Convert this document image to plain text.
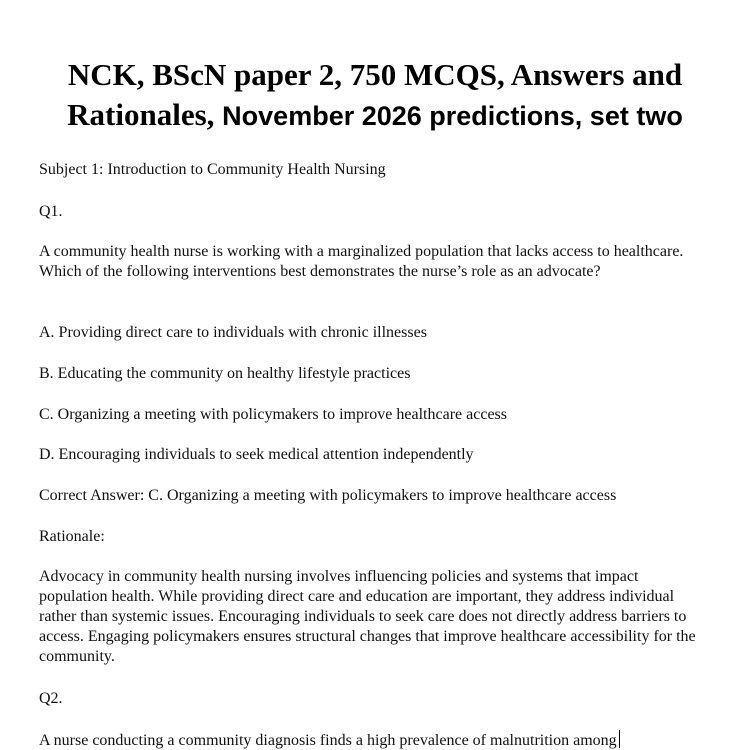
NCK, BScN paper 2, 750 MCQS, Answers and
Rationales, November 2026 predictions, set two

Subject 1: Introduction to Community Health Nursing

Q1.

A community health nurse is working with a marginalized population that lacks access to healthcare. Which of the following interventions best demonstrates the nurse’s role as an advocate?

A. Providing direct care to individuals with chronic illnesses

B. Educating the community on healthy lifestyle practices

C. Organizing a meeting with policymakers to improve healthcare access

D. Encouraging individuals to seek medical attention independently

Correct Answer: C. Organizing a meeting with policymakers to improve healthcare access

Rationale:

Advocacy in community health nursing involves influencing policies and systems that impact population health. While providing direct care and education are important, they address individual rather than systemic issues. Encouraging individuals to seek care does not directly address barriers to access. Engaging policymakers ensures structural changes that improve healthcare accessibility for the community.

Q2.

A nurse conducting a community diagnosis finds a high prevalence of malnutrition among
